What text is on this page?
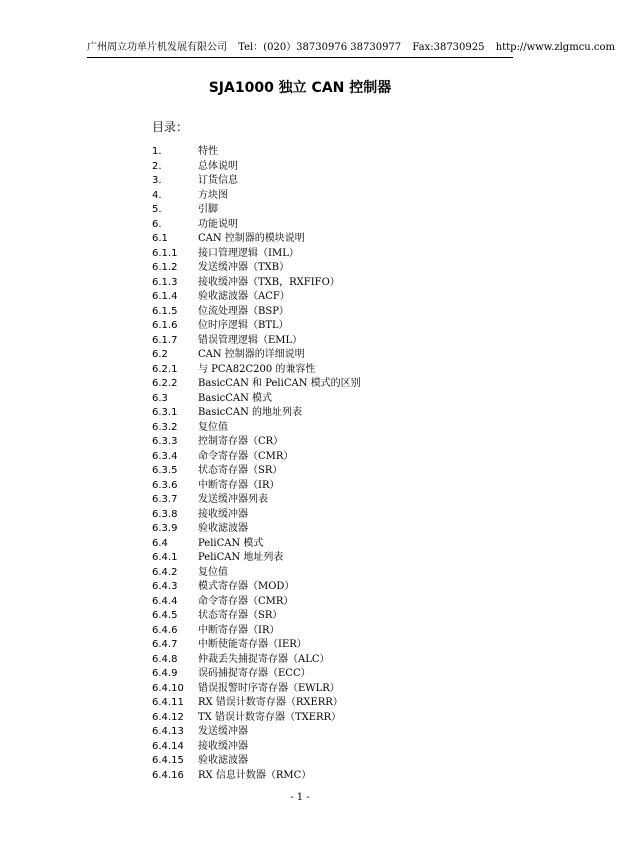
广州周立功单片机发展有限公司 Tel：(020）38730976 38730977 Fax:38730925 http://www.zlgmcu.com
SJA1000 独立 CAN 控制器
目录：
1.	特性
2.	总体说明
3.	订货信息
4.	方块图
5.	引脚
6.	功能说明
6.1	CAN 控制器的模块说明
6.1.1 接口管理逻辑（IML）
6.1.2 发送缓冲器（TXB）
6.1.3 接收缓冲器（TXB，RXFIFO）
6.1.4 验收滤波器（ACF）
6.1.5 位流处理器（BSP）
6.1.6 位时序逻辑（BTL）
6.1.7 错误管理逻辑（EML）
6.2	CAN 控制器的详细说明
6.2.1 与 PCA82C200 的兼容性
6.2.2 BasicCAN 和 PeliCAN 模式的区别
6.3	BasicCAN 模式
6.3.1 BasicCAN 的地址列表
6.3.2 复位值
6.3.3 控制寄存器（CR）
6.3.4 命令寄存器（CMR）
6.3.5 状态寄存器（SR）
6.3.6 中断寄存器（IR）
6.3.7 发送缓冲器列表
6.3.8 接收缓冲器
6.3.9 验收滤波器
6.4	PeliCAN 模式
6.4.1 PeliCAN 地址列表
6.4.2 复位值
6.4.3 模式寄存器（MOD）
6.4.4 命令寄存器（CMR）
6.4.5 状态寄存器（SR）
6.4.6 中断寄存器（IR）
6.4.7 中断使能寄存器（IER）
6.4.8 仲裁丢失捕捉寄存器（ALC）
6.4.9 误码捕捉寄存器（ECC）
6.4.10 错误报警时序寄存器（EWLR）
6.4.11 RX 错误计数寄存器（RXERR）
6.4.12 TX 错误计数寄存器（TXERR）
6.4.13 发送缓冲器
6.4.14 接收缓冲器
6.4.15 验收滤波器
6.4.16 RX 信息计数器（RMC）
- 1 -
